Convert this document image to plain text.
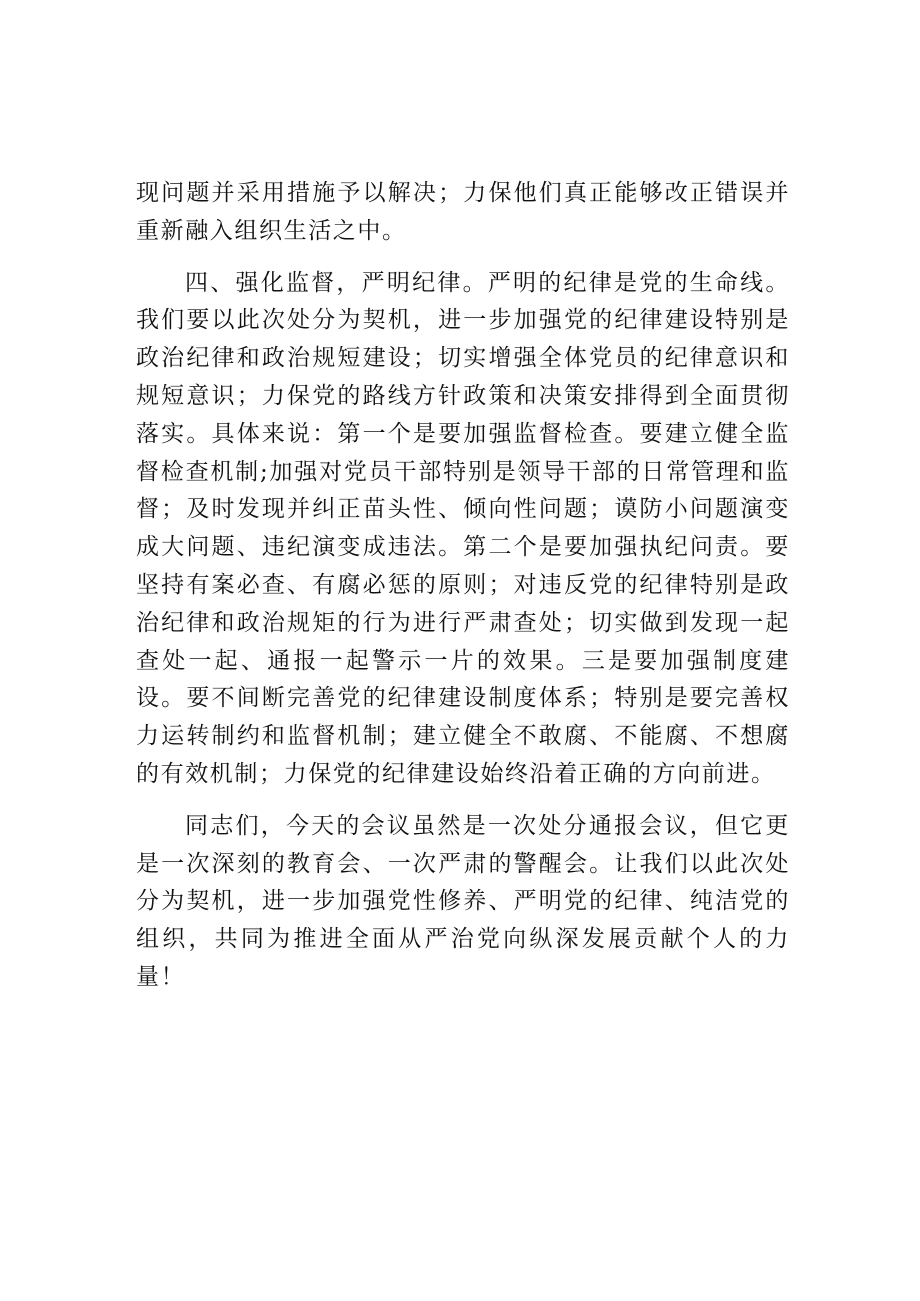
现问题并采用措施予以解决；力保他们真正能够改正错误并重新融入组织生活之中。

四、强化监督，严明纪律。严明的纪律是党的生命线。我们要以此次处分为契机，进一步加强党的纪律建设特别是政治纪律和政治规短建设；切实增强全体党员的纪律意识和规短意识；力保党的路线方针政策和决策安排得到全面贯彻落实。具体来说：第一个是要加强监督检查。要建立健全监督检查机制;加强对党员干部特别是领导干部的日常管理和监督；及时发现并纠正苗头性、倾向性问题；谟防小问题演变成大问题、违纪演变成违法。第二个是要加强执纪问责。要坚持有案必查、有腐必惩的原则；对违反党的纪律特别是政治纪律和政治规矩的行为进行严肃查处；切实做到发现一起查处一起、通报一起警示一片的效果。三是要加强制度建设。要不间断完善党的纪律建设制度体系；特别是要完善权力运转制约和监督机制；建立健全不敢腐、不能腐、不想腐的有效机制；力保党的纪律建设始终沿着正确的方向前进。

同志们，今天的会议虽然是一次处分通报会议，但它更是一次深刻的教育会、一次严肃的警醒会。让我们以此次处分为契机，进一步加强党性修养、严明党的纪律、纯洁党的组织，共同为推进全面从严治党向纵深发展贡献个人的力量！
